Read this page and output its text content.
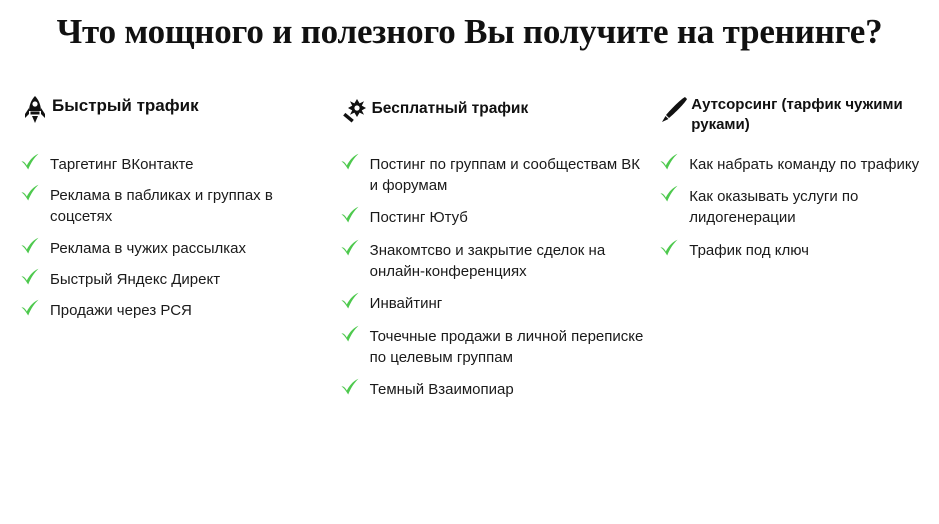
Что мощного и полезного Вы получите на тренинге?
Быстрый трафик
Таргетинг ВКонтакте
Реклама в пабликах и группах в соцсетях
Реклама в чужих рассылках
Быстрый Яндекс Директ
Продажи через РСЯ
Бесплатный трафик
Постинг по группам и сообществам ВК и форумам
Постинг Ютуб
Знакомтсво и закрытие сделок на онлайн-конференциях
Инвайтинг
Точечные продажи в личной переписке по целевым группам
Темный Взаимопиар
Аутсорсинг (тарфик чужими руками)
Как набрать команду по трафику
Как оказывать услуги по лидогенерации
Трафик под ключ
